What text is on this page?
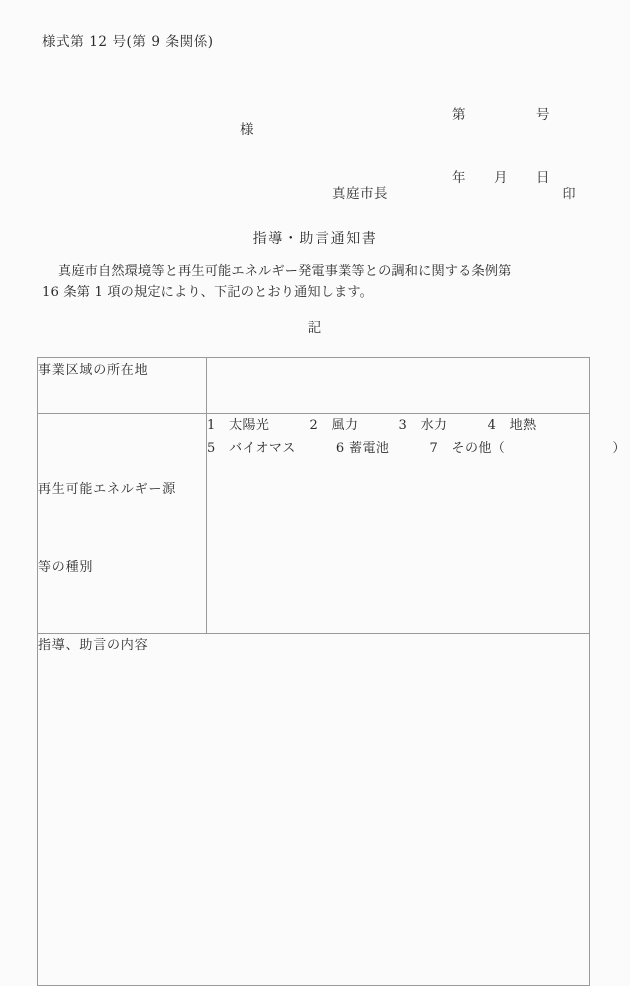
様式第 12 号(第 9 条関係)

第　　　　　号

年　　月　　日

様
真庭市長	印
指導・助言通知書
真庭市自然環境等と再生可能エネルギー発電事業等との調和に関する条例第
16 条第 1 項の規定により、下記のとおり通知します。
記
事業区域の所在地	

再生可能エネルギー源

等の種別

1　太陽光　　　2　風力　　　3　水力　　　4　地熱
5　バイオマス　　　6 蓄電池　　　7　その他（　　　　　　　　）

指導、助言の内容	
